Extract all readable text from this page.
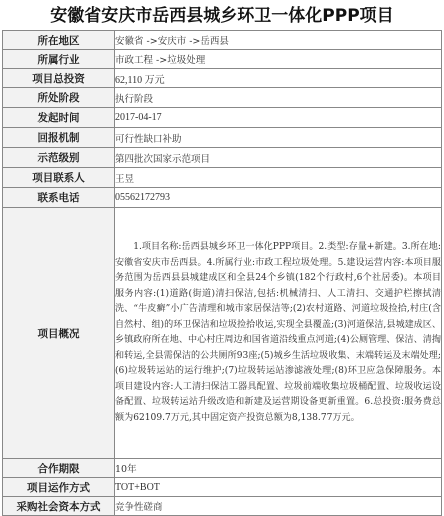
安徽省安庆市岳西县城乡环卫一体化PPP项目
所在地区	安徽省 ->安庆市 ->岳西县
所属行业	市政工程 ->垃圾处理
项目总投资	62,110 万元
所处阶段	执行阶段
发起时间	2017-04-17
回报机制	可行性缺口补助
示范级别	第四批次国家示范项目
项目联系人	王昱
联系电话	05562172793
项目概况	1.项目名称:岳西县城乡环卫一体化PPP项目。2.类型:存量+新建。3.所在地:安徽省安庆市岳西县。4.所属行业:市政工程垃圾处理。5.建设运营内容:本项目服务范围为岳西县县城建成区和全县24个乡镇(182个行政村,6个社居委)。本项目服务内容:(1)道路(街道)清扫保洁,包括:机械清扫、人工清扫、交通护栏擦拭清洗、“牛皮癣”小广告清理和城市家居保洁等;(2)农村道路、河道垃圾捡拾,村庄(含自然村、组)的环卫保洁和垃圾捡拾收运,实现全县覆盖;(3)河道保洁,县城建成区、乡镇政府所在地、中心村庄周边和国省道沿线重点河道;(4)公厕管理、保洁、清掏和转运,全县需保洁的公共厕所93座;(5)城乡生活垃圾收集、末端转运及末端处理;(6)垃圾转运站的运行维护;(7)垃圾转运站渗滤液处理;(8)环卫应急保障服务。本项目建设内容:人工清扫保洁工器具配置、垃圾前端收集垃圾桶配置、垃圾收运设备配置、垃圾转运站升级改造和新建及运营期设备更新重置。6.总投资:服务费总额为62109.7万元,其中固定资产投资总额为8,138.77万元。
合作期限	10年
项目运作方式	TOT+BOT
采购社会资本方式	竞争性磋商
